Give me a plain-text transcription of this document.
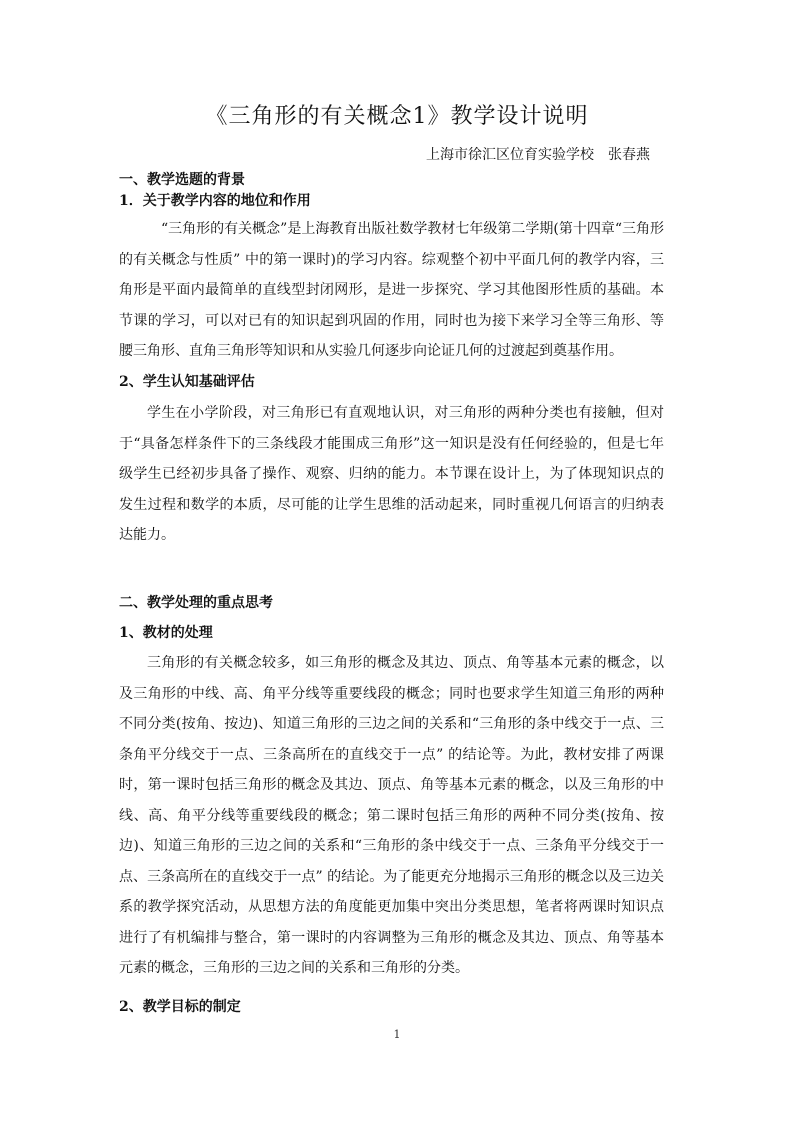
《三角形的有关概念1》教学设计说明
上海市徐汇区位育实验学校 张春燕
一、教学选题的背景
1．关于教学内容的地位和作用

“三角形的有关概念”是上海教育出版社数学教材七年级第二学期(第十四章“三角形的有关概念与性质” 中的第一课时)的学习内容。综观整个初中平面几何的教学内容，三角形是平面内最简单的直线型封闭网形，是进一步探究、学习其他图形性质的基础。本节课的学习，可以对已有的知识起到巩固的作用，同时也为接下来学习全等三角形、等腰三角形、直角三角形等知识和从实验几何逐步向论证几何的过渡起到奠基作用。

2、学生认知基础评估

学生在小学阶段，对三角形已有直观地认识，对三角形的两种分类也有接触，但对于“具备怎样条件下的三条线段才能围成三角形”这一知识是没有任何经验的，但是七年级学生已经初步具备了操作、观察、归纳的能力。本节课在设计上，为了体现知识点的发生过程和数学的本质，尽可能的让学生思维的活动起来，同时重视几何语言的归纳表达能力。

二、教学处理的重点思考
1、教材的处理

三角形的有关概念较多，如三角形的概念及其边、顶点、角等基本元素的概念，以及三角形的中线、高、角平分线等重要线段的概念；同时也要求学生知道三角形的两种不同分类(按角、按边)、知道三角形的三边之间的关系和“三角形的条中线交于一点、三条角平分线交于一点、三条高所在的直线交于一点” 的结论等。为此，教材安排了两课时，第一课时包括三角形的概念及其边、顶点、角等基本元素的概念，以及三角形的中线、高、角平分线等重要线段的概念；第二课时包括三角形的两种不同分类(按角、按边)、知道三角形的三边之间的关系和“三角形的条中线交于一点、三条角平分线交于一点、三条高所在的直线交于一点” 的结论。为了能更充分地揭示三角形的概念以及三边关系的教学探究活动，从思想方法的角度能更加集中突出分类思想，笔者将两课时知识点进行了有机编排与整合，第一课时的内容调整为三角形的概念及其边、顶点、角等基本元素的概念，三角形的三边之间的关系和三角形的分类。

2、教学目标的制定
1
